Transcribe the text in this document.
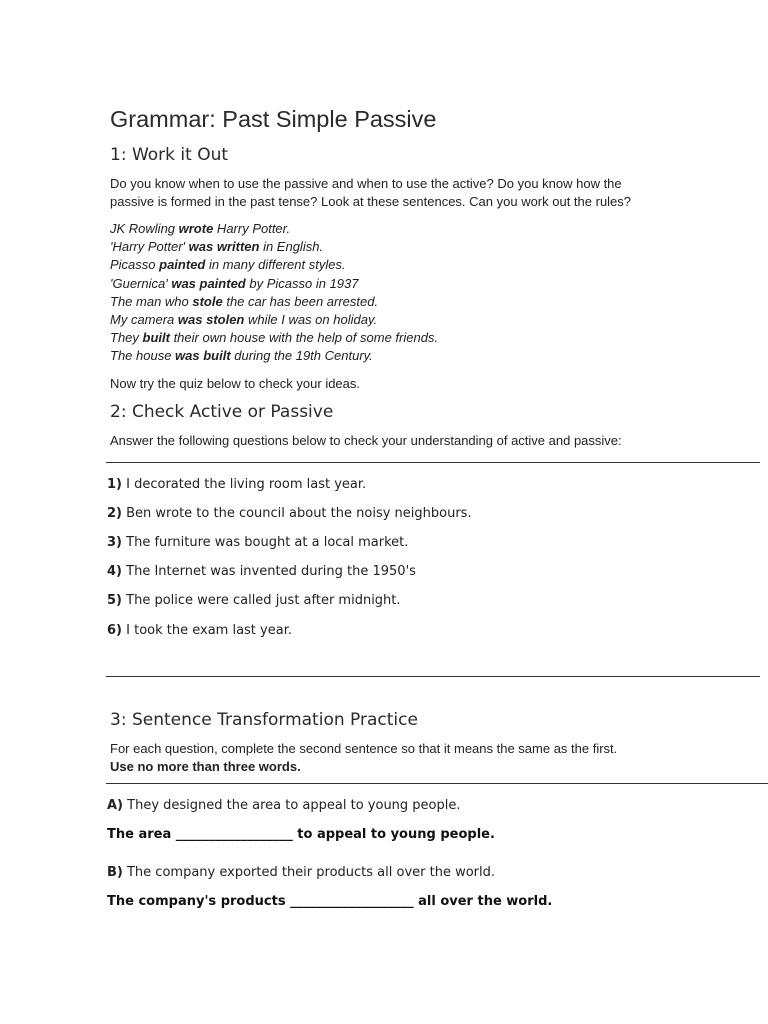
Grammar: Past Simple Passive
1: Work it Out
Do you know when to use the passive and when to use the active? Do you know how the
passive is formed in the past tense? Look at these sentences. Can you work out the rules?
JK Rowling wrote Harry Potter.
'Harry Potter' was written in English.
Picasso painted in many different styles.
'Guernica' was painted by Picasso in 1937
The man who stole the car has been arrested.
My camera was stolen while I was on holiday.
They built their own house with the help of some friends.
The house was built during the 19th Century.
Now try the quiz below to check your ideas.
2: Check Active or Passive
Answer the following questions below to check your understanding of active and passive:
1) I decorated the living room last year.
2) Ben wrote to the council about the noisy neighbours.
3) The furniture was bought at a local market.
4) The Internet was invented during the 1950's
5) The police were called just after midnight.
6) I took the exam last year.
3: Sentence Transformation Practice
For each question, complete the second sentence so that it means the same as the first.
Use no more than three words.
A) They designed the area to appeal to young people.
The area __________________ to appeal to young people.
B) The company exported their products all over the world.
The company's products ___________________ all over the world.
